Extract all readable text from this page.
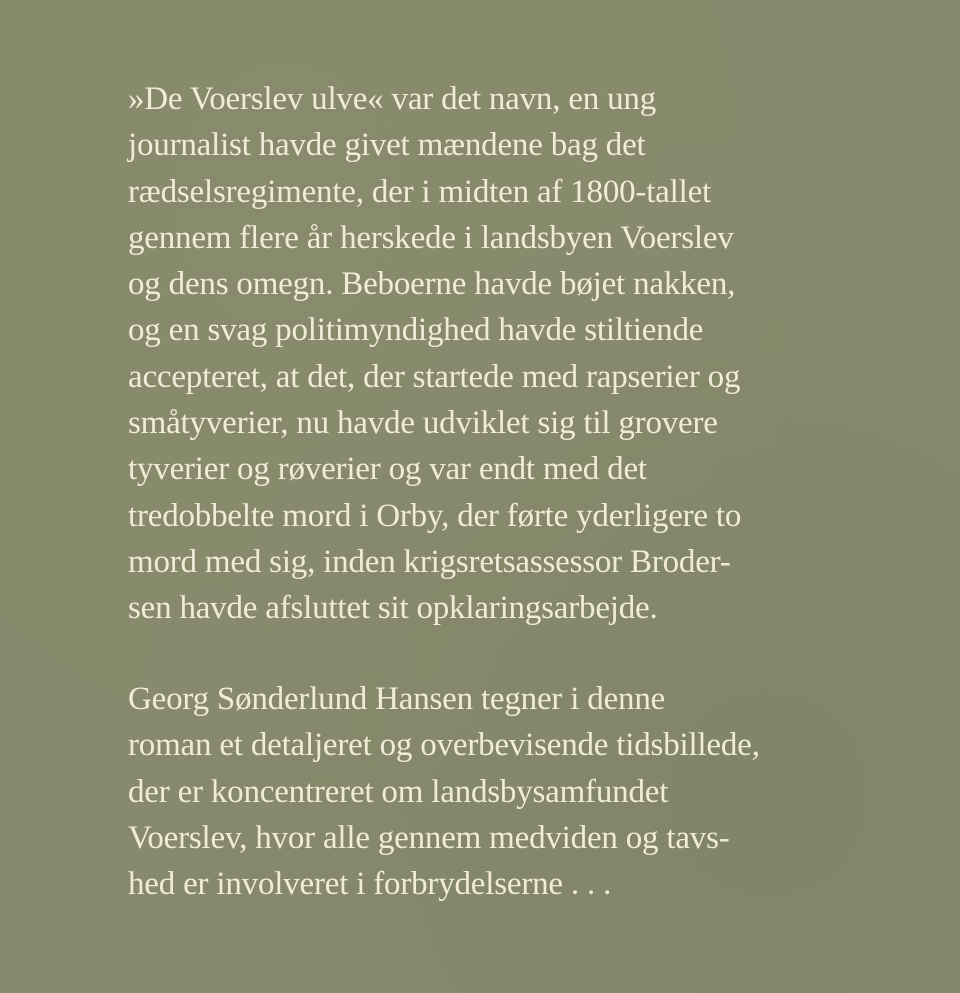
»De Voerslev ulve« var det navn, en ung
journalist havde givet mændene bag det
rædselsregimente, der i midten af 1800-tallet
gennem flere år herskede i landsbyen Voerslev
og dens omegn. Beboerne havde bøjet nakken,
og en svag politimyndighed havde stiltiende
accepteret, at det, der startede med rapserier og
småtyverier, nu havde udviklet sig til grovere
tyverier og røverier og var endt med det
tredobbelte mord i Orby, der førte yderligere to
mord med sig, inden krigsretsassessor Broder-
sen havde afsluttet sit opklaringsarbejde.
Georg Sønderlund Hansen tegner i denne
roman et detaljeret og overbevisende tidsbillede,
der er koncentreret om landsbysamfundet
Voerslev, hvor alle gennem medviden og tavs-
hed er involveret i forbrydelserne . . .
